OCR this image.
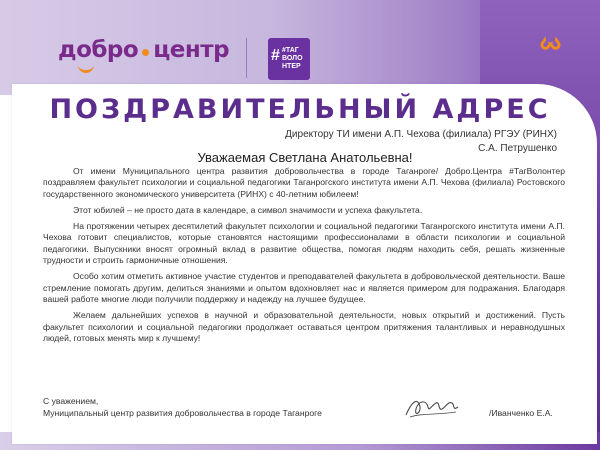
добро центр	# #ТАГ
ВОЛО
НТЕР
ПОЗДРАВИТЕЛЬНЫЙ АДРЕС
Директору ТИ имени А.П. Чехова (филиала) РГЭУ (РИНХ)
С.А. Петрушенко
Уважаемая Светлана Анатольевна!

От имени Муниципального центра развития добровольчества в городе Таганроге/ Добро.Центра #ТагВолонтер поздравляем факультет психологии и социальной педагогики Таганрогского института имени А.П. Чехова (филиала) Ростовского государственного экономического университета (РИНХ) с 40-летним юбилеем!

Этот юбилей – не просто дата в календаре, а символ значимости и успеха факультета.

На протяжении четырех десятилетий факультет психологии и социальной педагогики Таганрогского института имени А.П. Чехова готовит специалистов, которые становятся настоящими профессионалами в области психологии и социальной педагогики. Выпускники вносят огромный вклад в развитие общества, помогая людям находить себя, решать жизненные трудности и строить гармоничные отношения.

Особо хотим отметить активное участие студентов и преподавателей факультета в добровольческой деятельности. Ваше стремление помогать другим, делиться знаниями и опытом вдохновляет нас и является примером для подражания. Благодаря вашей работе многие люди получили поддержку и надежду на лучшее будущее.

Желаем дальнейших успехов в научной и образовательной деятельности, новых открытий и достижений. Пусть факультет психологии и социальной педагогики продолжает оставаться центром притяжения талантливых и неравнодушных людей, готовых менять мир к лучшему!

С уважением,
Муниципальный центр развития добровольчества в городе Таганроге	/Иванченко Е.А.
